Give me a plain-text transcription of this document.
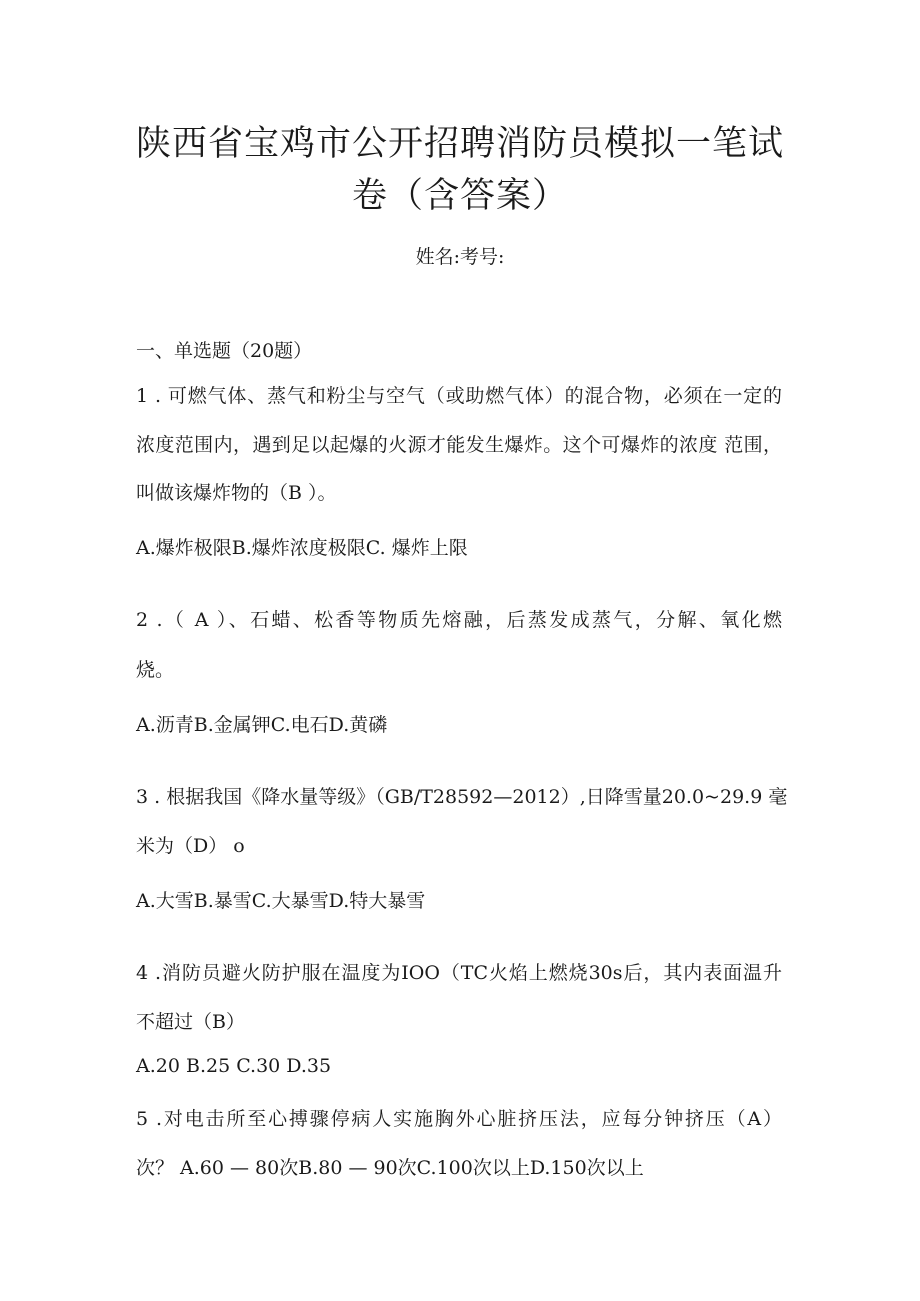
陕西省宝鸡市公开招聘消防员模拟一笔试
卷（含答案）
姓名:考号:
一、单选题（20题）
1 . 可燃气体、蒸气和粉尘与空气（或助燃气体）的混合物，必须在一定的
浓度范围内，遇到足以起爆的火源才能发生爆炸。这个可爆炸的浓度 范围，
叫做该爆炸物的（B ）。
A.爆炸极限B.爆炸浓度极限C. 爆炸上限
2 .（ A ）、石蜡、松香等物质先熔融，后蒸发成蒸气，分解、氧化燃
烧。
A.沥青B.金属钾C.电石D.黄磷
3 . 根据我国《降水量等级》（GB/T28592—2012）,日降雪量20.0~29.9 毫
米为（D） o
A.大雪B.暴雪C.大暴雪D.特大暴雪
4 .消防员避火防护服在温度为IOO（TC火焰上燃烧30s后，其内表面温升
不超过（B）
A.20 B.25 C.30 D.35
5 .对电击所至心搏骤停病人实施胸外心脏挤压法，应每分钟挤压（A）
次？ A.60 — 80次B.80 — 90次C.100次以上D.150次以上
